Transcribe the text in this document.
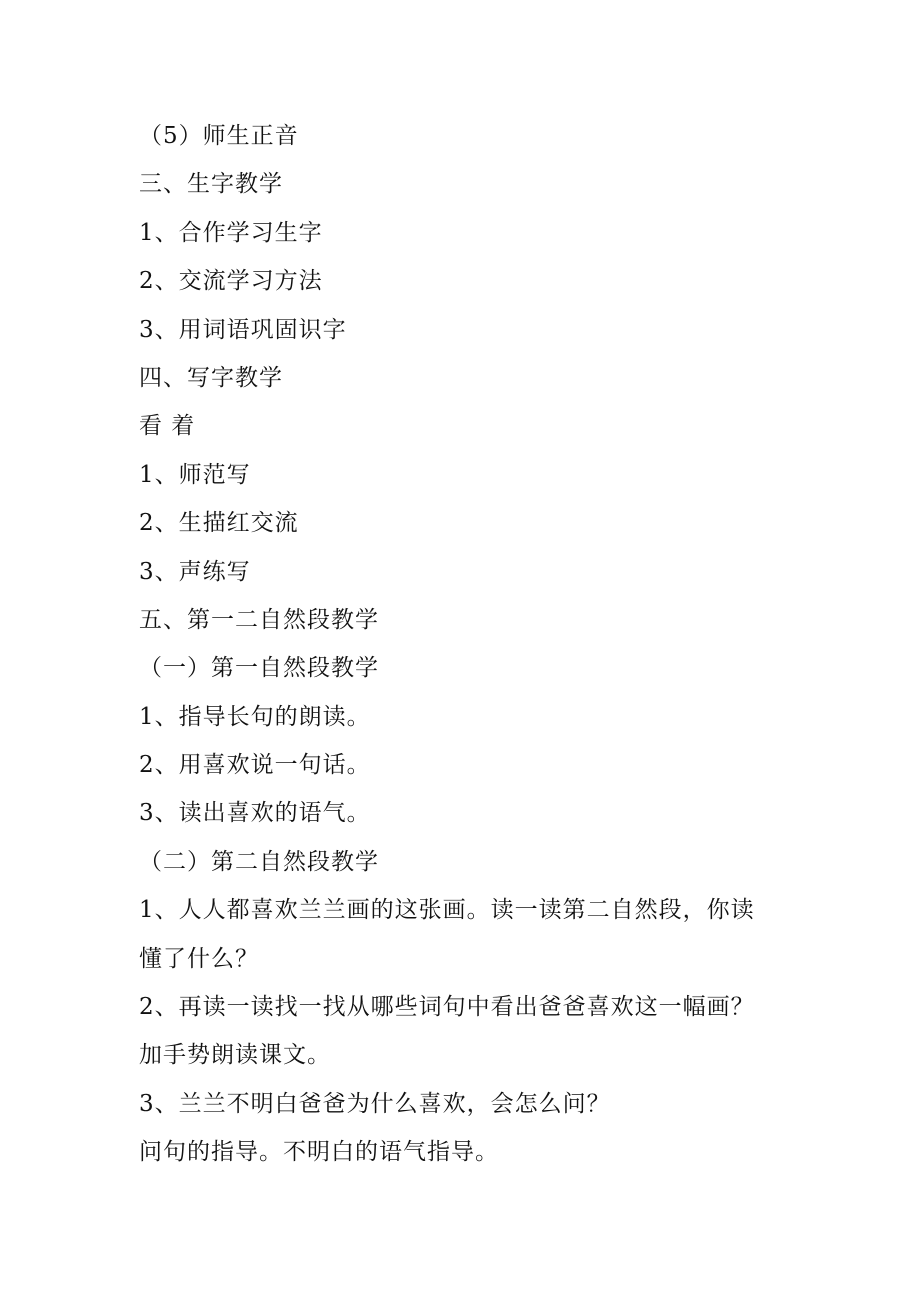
（5）师生正音
三、生字教学
1、合作学习生字
2、交流学习方法
3、用词语巩固识字
四、写字教学
看 着
1、师范写
2、生描红交流
3、声练写
五、第一二自然段教学
（一）第一自然段教学
1、指导长句的朗读。
2、用喜欢说一句话。
3、读出喜欢的语气。
（二）第二自然段教学
1、人人都喜欢兰兰画的这张画。读一读第二自然段，你读
懂了什么？
2、再读一读找一找从哪些词句中看出爸爸喜欢这一幅画？
加手势朗读课文。
3、兰兰不明白爸爸为什么喜欢，会怎么问？
问句的指导。不明白的语气指导。
